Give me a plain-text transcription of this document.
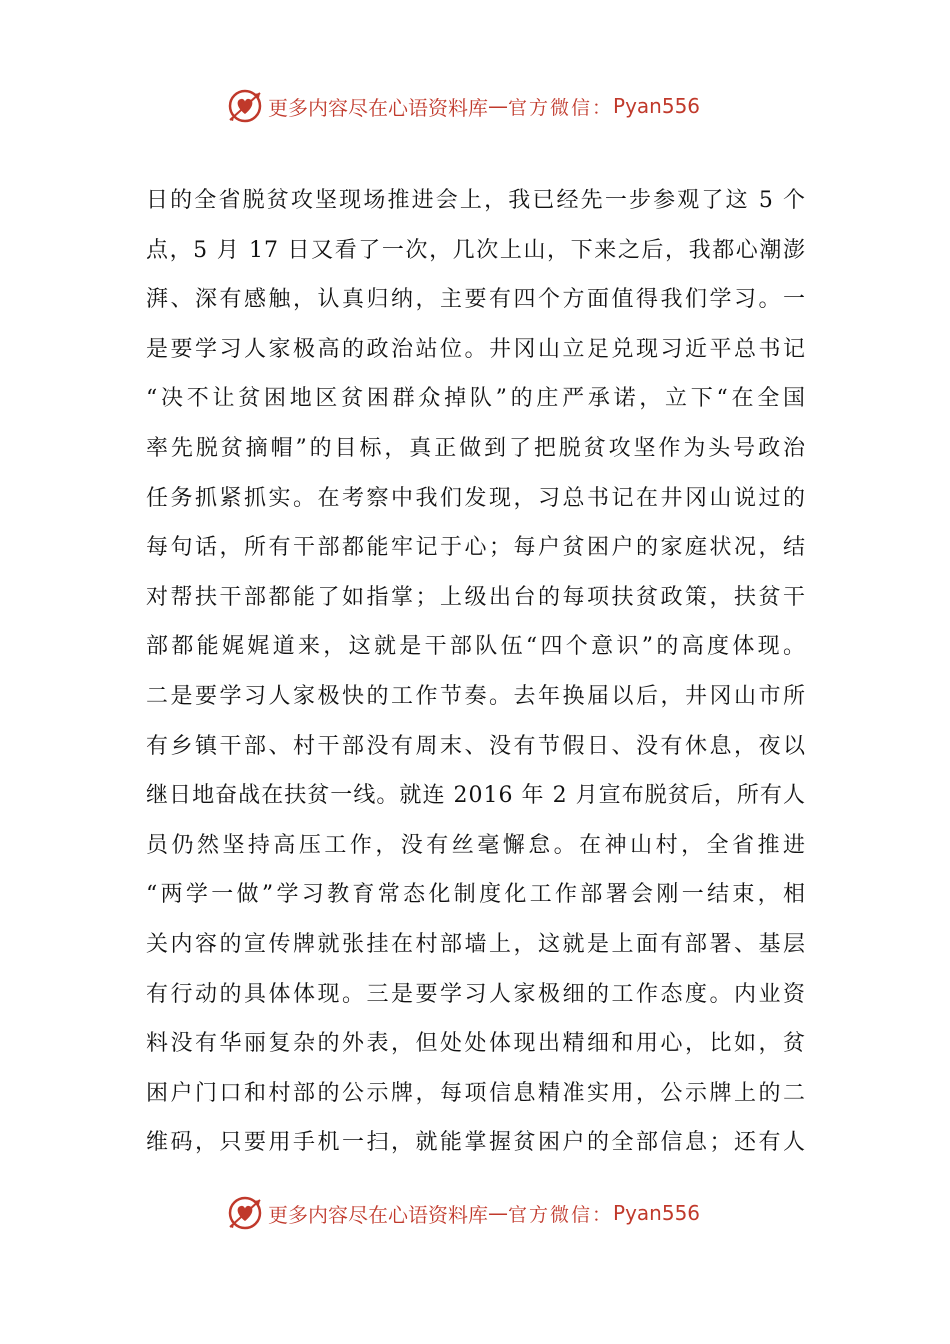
更多内容尽在心语资料库 — 官方微信： Pyan556
日的全省脱贫攻坚现场推进会上，我已经先一步参观了这 5 个
点，5 月 17 日又看了一次，几次上山，下来之后，我都心潮澎
湃、深有感触，认真归纳，主要有四个方面值得我们学习。一
是要学习人家极高的政治站位。井冈山立足兑现习近平总书记
“决不让贫困地区贫困群众掉队”的庄严承诺，立下“在全国
率先脱贫摘帽”的目标，真正做到了把脱贫攻坚作为头号政治
任务抓紧抓实。在考察中我们发现，习总书记在井冈山说过的
每句话，所有干部都能牢记于心；每户贫困户的家庭状况，结
对帮扶干部都能了如指掌；上级出台的每项扶贫政策，扶贫干
部都能娓娓道来，这就是干部队伍“四个意识”的高度体现。
二是要学习人家极快的工作节奏。去年换届以后，井冈山市所
有乡镇干部、村干部没有周末、没有节假日、没有休息，夜以
继日地奋战在扶贫一线。就连 2016 年 2 月宣布脱贫后，所有人
员仍然坚持高压工作，没有丝毫懈怠。在神山村，全省推进
“两学一做”学习教育常态化制度化工作部署会刚一结束，相
关内容的宣传牌就张挂在村部墙上，这就是上面有部署、基层
有行动的具体体现。三是要学习人家极细的工作态度。内业资
料没有华丽复杂的外表，但处处体现出精细和用心，比如，贫
困户门口和村部的公示牌，每项信息精准实用，公示牌上的二
维码，只要用手机一扫，就能掌握贫困户的全部信息；还有人
更多内容尽在心语资料库 — 官方微信： Pyan556
